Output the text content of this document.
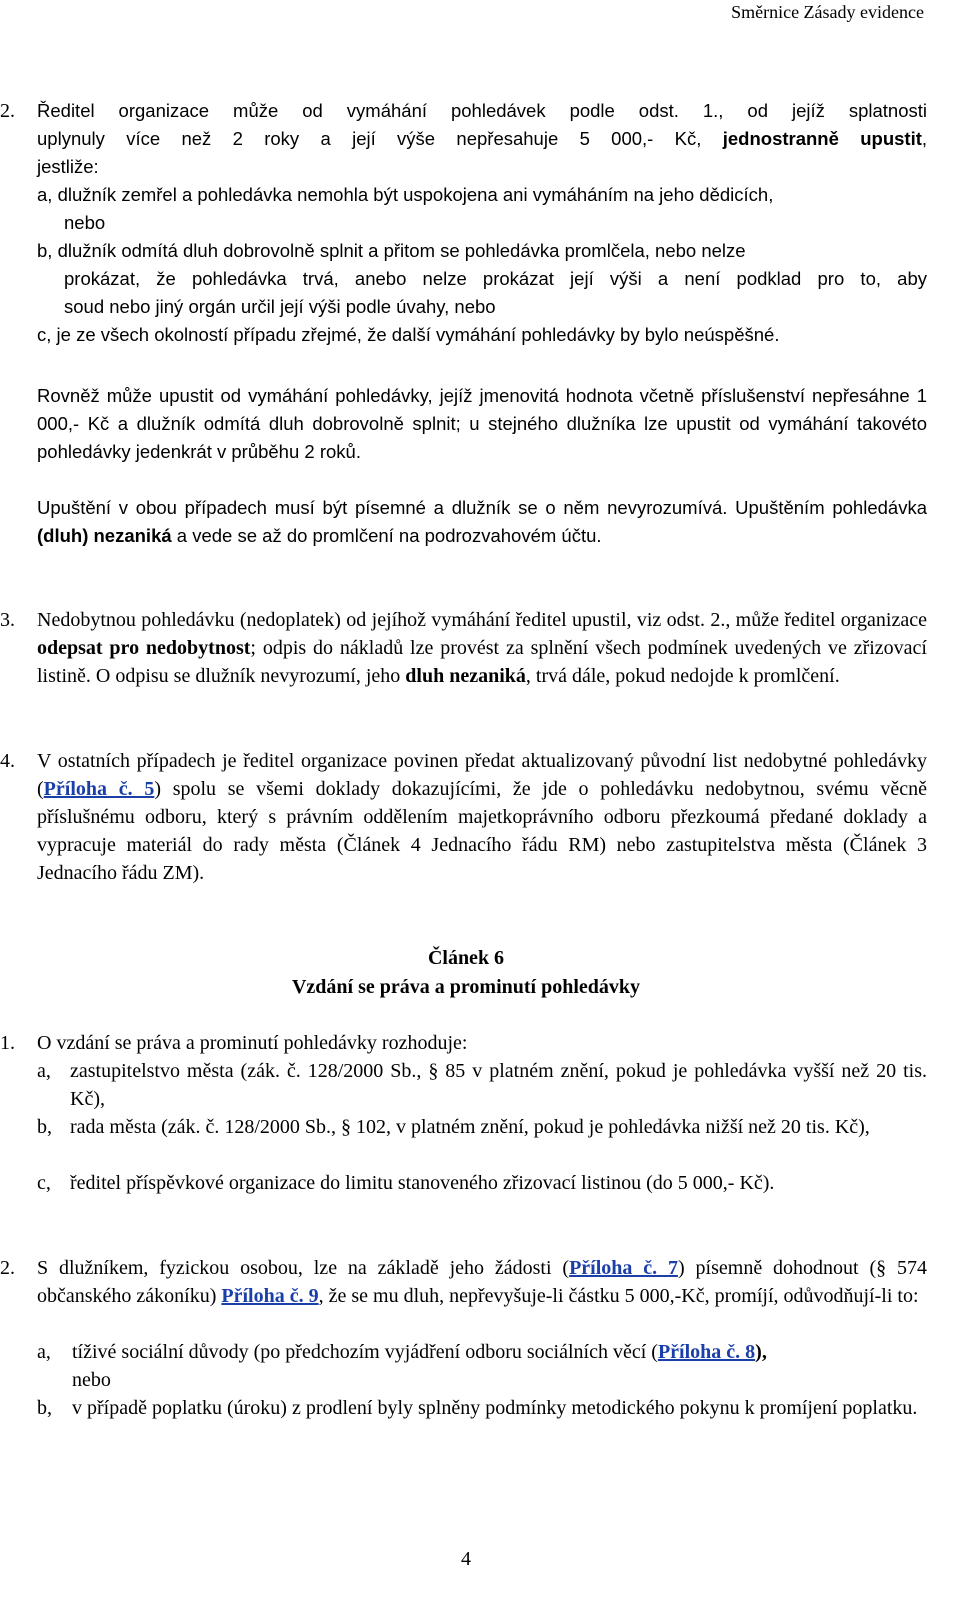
Směrnice Zásady evidence
2.	Ředitel organizace může od vymáhání pohledávek podle odst. 1., od jejíž splatnosti
uplynuly více než 2 roky a její výše nepřesahuje 5 000,- Kč, jednostranně upustit,
jestliže:
a, dlužník zemřel a pohledávka nemohla být uspokojena ani vymáháním na jeho dědicích,
nebo
b, dlužník odmítá dluh dobrovolně splnit a přitom se pohledávka promlčela, nebo nelze
prokázat, že pohledávka trvá, anebo nelze prokázat její výši a není podklad pro to, aby
soud nebo jiný orgán určil její výši podle úvahy, nebo
c, je ze všech okolností případu zřejmé, že další vymáhání pohledávky by bylo neúspěšné.
Rovněž může upustit od vymáhání pohledávky, jejíž jmenovitá hodnota včetně příslušenství nepřesáhne 1 000,- Kč a dlužník odmítá dluh dobrovolně splnit; u stejného dlužníka lze upustit od vymáhání takovéto pohledávky jedenkrát v průběhu 2 roků.
Upuštění v obou případech musí být písemné a dlužník se o něm nevyrozumívá. Upuštěním pohledávka (dluh) nezaniká a vede se až do promlčení na podrozvahovém účtu.
3.	Nedobytnou pohledávku (nedoplatek) od jejíhož vymáhání ředitel upustil, viz odst. 2., může ředitel organizace odepsat pro nedobytnost; odpis do nákladů lze provést za splnění všech podmínek uvedených ve zřizovací listině. O odpisu se dlužník nevyrozumí, jeho dluh nezaniká, trvá dále, pokud nedojde k promlčení.
4.	V ostatních případech je ředitel organizace povinen předat aktualizovaný původní list nedobytné pohledávky (Příloha č. 5) spolu se všemi doklady dokazujícími, že jde o pohledávku nedobytnou, svému věcně příslušnému odboru, který s právním oddělením majetkoprávního odboru přezkoumá předané doklady a vypracuje materiál do rady města (Článek 4 Jednacího řádu RM) nebo zastupitelstva města (Článek 3 Jednacího řádu ZM).
Článek 6
Vzdání se práva a prominutí pohledávky
1.	O vzdání se práva a prominutí pohledávky rozhoduje:
a, zastupitelstvo města (zák. č. 128/2000 Sb., § 85 v platném znění, pokud je pohledávka vyšší než 20 tis. Kč),
b, rada města (zák. č. 128/2000 Sb., § 102, v platném znění, pokud je pohledávka nižší než 20 tis. Kč),
c, ředitel příspěvkové organizace do limitu stanoveného zřizovací listinou (do 5 000,- Kč).
2.	S dlužníkem, fyzickou osobou, lze na základě jeho žádosti (Příloha č. 7) písemně dohodnout (§ 574 občanského zákoníku) Příloha č. 9, že se mu dluh, nepřevyšuje-li částku 5 000,-Kč, promíjí, odůvodňují-li to:
a, tíživé sociální důvody (po předchozím vyjádření odboru sociálních věcí (Příloha č. 8),
nebo
b, v případě poplatku (úroku) z prodlení byly splněny podmínky metodického pokynu k promíjení poplatku.
4
